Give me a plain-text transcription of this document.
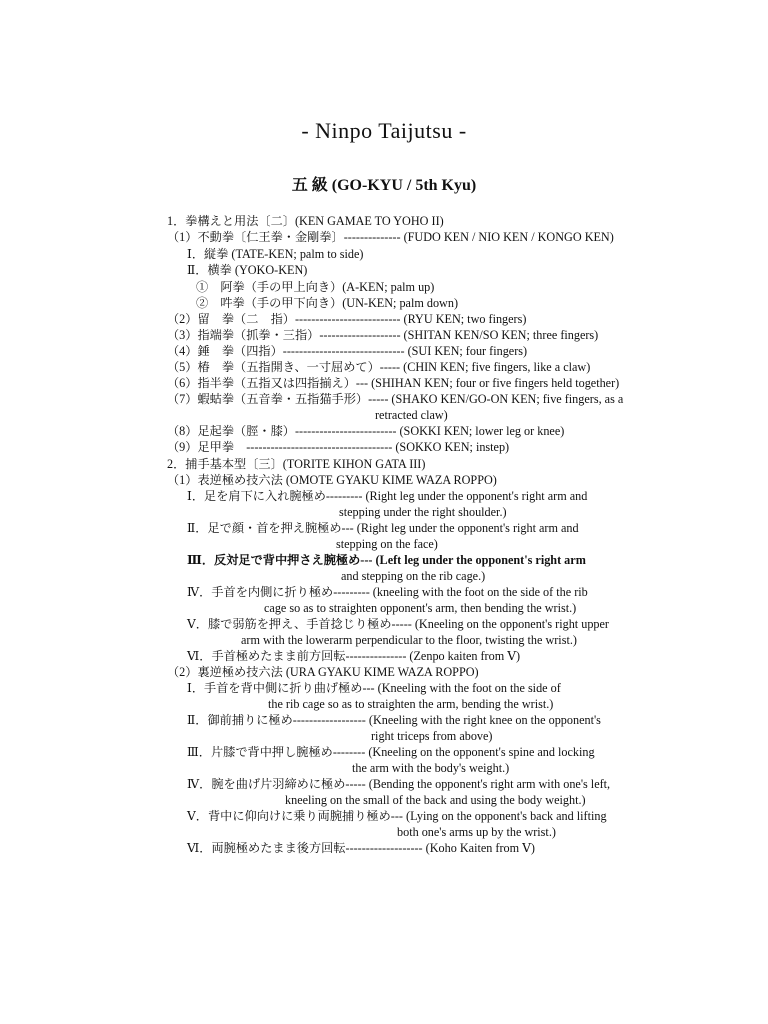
- Ninpo Taijutsu -
五 級 (GO-KYU / 5th Kyu)
1．拳構えと用法〔二〕(KEN GAMAE TO YOHO II)
（1）不動拳〔仁王拳・金剛拳〕-------------- (FUDO KEN / NIO KEN / KONGO KEN)
Ⅰ．縦拳 (TATE-KEN; palm to side)
Ⅱ．横拳 (YOKO-KEN)
①　阿拳（手の甲上向き）(A-KEN; palm up)
②　吽拳（手の甲下向き）(UN-KEN; palm down)
（2）留　拳（二　指）-------------------------- (RYU KEN; two fingers)
（3）指端拳（抓拳・三指）-------------------- (SHITAN KEN/SO KEN; three fingers)
（4）錘　拳（四指）------------------------------ (SUI KEN; four fingers)
（5）椿　拳（五指開き、一寸屈めて）----- (CHIN KEN; five fingers, like a claw)
（6）指半拳（五指又は四指揃え）--- (SHIHAN KEN; four or five fingers held together)
（7）蝦蛄拳（五音拳・五指猫手形）----- (SHAKO KEN/GO-ON KEN; five fingers, as a
retracted claw)
（8）足起拳（脛・膝）------------------------- (SOKKI KEN; lower leg or knee)
（9）足甲拳　------------------------------------ (SOKKO KEN; instep)
2．捕手基本型〔三〕(TORITE KIHON GATA III)
（1）表逆極め技六法 (OMOTE GYAKU KIME WAZA ROPPO)
Ⅰ．足を肩下に入れ腕極め--------- (Right leg under the opponent's right arm and
stepping under the right shoulder.)
Ⅱ．足で顔・首を押え腕極め--- (Right leg under the opponent's right arm and
stepping on the face)
Ⅲ．反対足で背中押さえ腕極め--- (Left leg under the opponent's right arm
and stepping on the rib cage.)
Ⅳ．手首を内側に折り極め--------- (kneeling with the foot on the side of the rib
cage so as to straighten opponent's arm, then bending the wrist.)
Ⅴ．膝で弱筋を押え、手首捻じり極め----- (Kneeling on the opponent's right upper
arm with the lowerarm perpendicular to the floor, twisting the wrist.)
Ⅵ．手首極めたまま前方回転--------------- (Zenpo kaiten from Ⅴ)
（2）裏逆極め技六法 (URA GYAKU KIME WAZA ROPPO)
Ⅰ．手首を背中側に折り曲げ極め--- (Kneeling with the foot on the side of
the rib cage so as to straighten the arm, bending the wrist.)
Ⅱ．御前捕りに極め------------------ (Kneeling with the right knee on the opponent's
right triceps from above)
Ⅲ．片膝で背中押し腕極め-------- (Kneeling on the opponent's spine and locking
the arm with the body's weight.)
Ⅳ．腕を曲げ片羽締めに極め----- (Bending the opponent's right arm with one's left,
kneeling on the small of the back and using the body weight.)
Ⅴ．背中に仰向けに乗り両腕捕り極め--- (Lying on the opponent's back and lifting
both one's arms up by the wrist.)
Ⅵ．両腕極めたまま後方回転------------------- (Koho Kaiten from Ⅴ)
